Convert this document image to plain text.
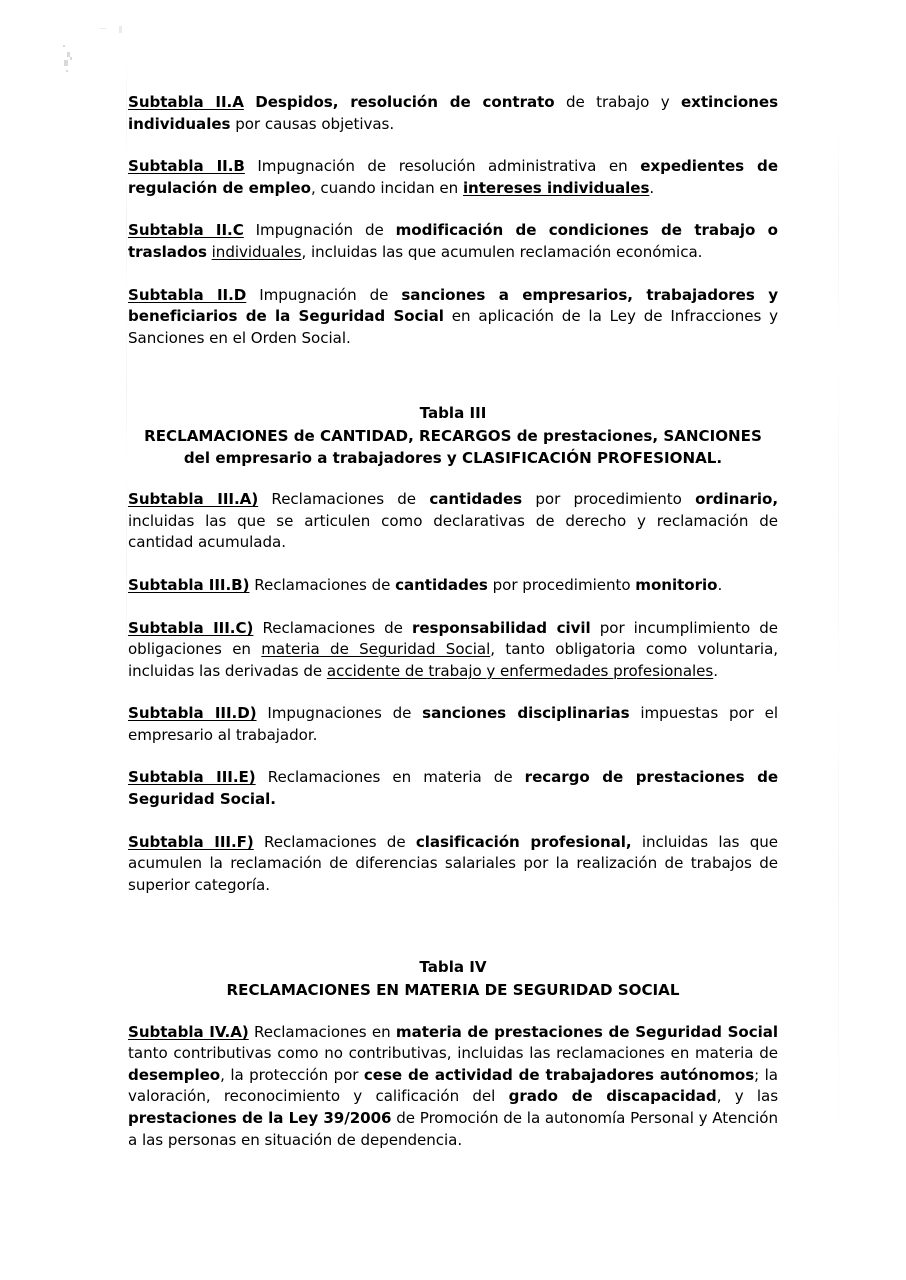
Subtabla II.A Despidos, resolución de contrato de trabajo y extinciones individuales por causas objetivas.

Subtabla II.B Impugnación de resolución administrativa en expedientes de regulación de empleo, cuando incidan en intereses individuales.

Subtabla II.C Impugnación de modificación de condiciones de trabajo o traslados individuales, incluidas las que acumulen reclamación económica.

Subtabla II.D Impugnación de sanciones a empresarios, trabajadores y beneficiarios de la Seguridad Social en aplicación de la Ley de Infracciones y Sanciones en el Orden Social.

Tabla III
RECLAMACIONES de CANTIDAD, RECARGOS de prestaciones, SANCIONES del empresario a trabajadores y CLASIFICACIÓN PROFESIONAL.

Subtabla III.A) Reclamaciones de cantidades por procedimiento ordinario, incluidas las que se articulen como declarativas de derecho y reclamación de cantidad acumulada.

Subtabla III.B) Reclamaciones de cantidades por procedimiento monitorio.

Subtabla III.C) Reclamaciones de responsabilidad civil por incumplimiento de obligaciones en materia de Seguridad Social, tanto obligatoria como voluntaria, incluidas las derivadas de accidente de trabajo y enfermedades profesionales.

Subtabla III.D) Impugnaciones de sanciones disciplinarias impuestas por el empresario al trabajador.

Subtabla III.E) Reclamaciones en materia de recargo de prestaciones de Seguridad Social.

Subtabla III.F) Reclamaciones de clasificación profesional, incluidas las que acumulen la reclamación de diferencias salariales por la realización de trabajos de superior categoría.

Tabla IV
RECLAMACIONES EN MATERIA DE SEGURIDAD SOCIAL

Subtabla IV.A) Reclamaciones en materia de prestaciones de Seguridad Social tanto contributivas como no contributivas, incluidas las reclamaciones en materia de desempleo, la protección por cese de actividad de trabajadores autónomos; la valoración, reconocimiento y calificación del grado de discapacidad, y las prestaciones de la Ley 39/2006 de Promoción de la autonomía Personal y Atención a las personas en situación de dependencia.
